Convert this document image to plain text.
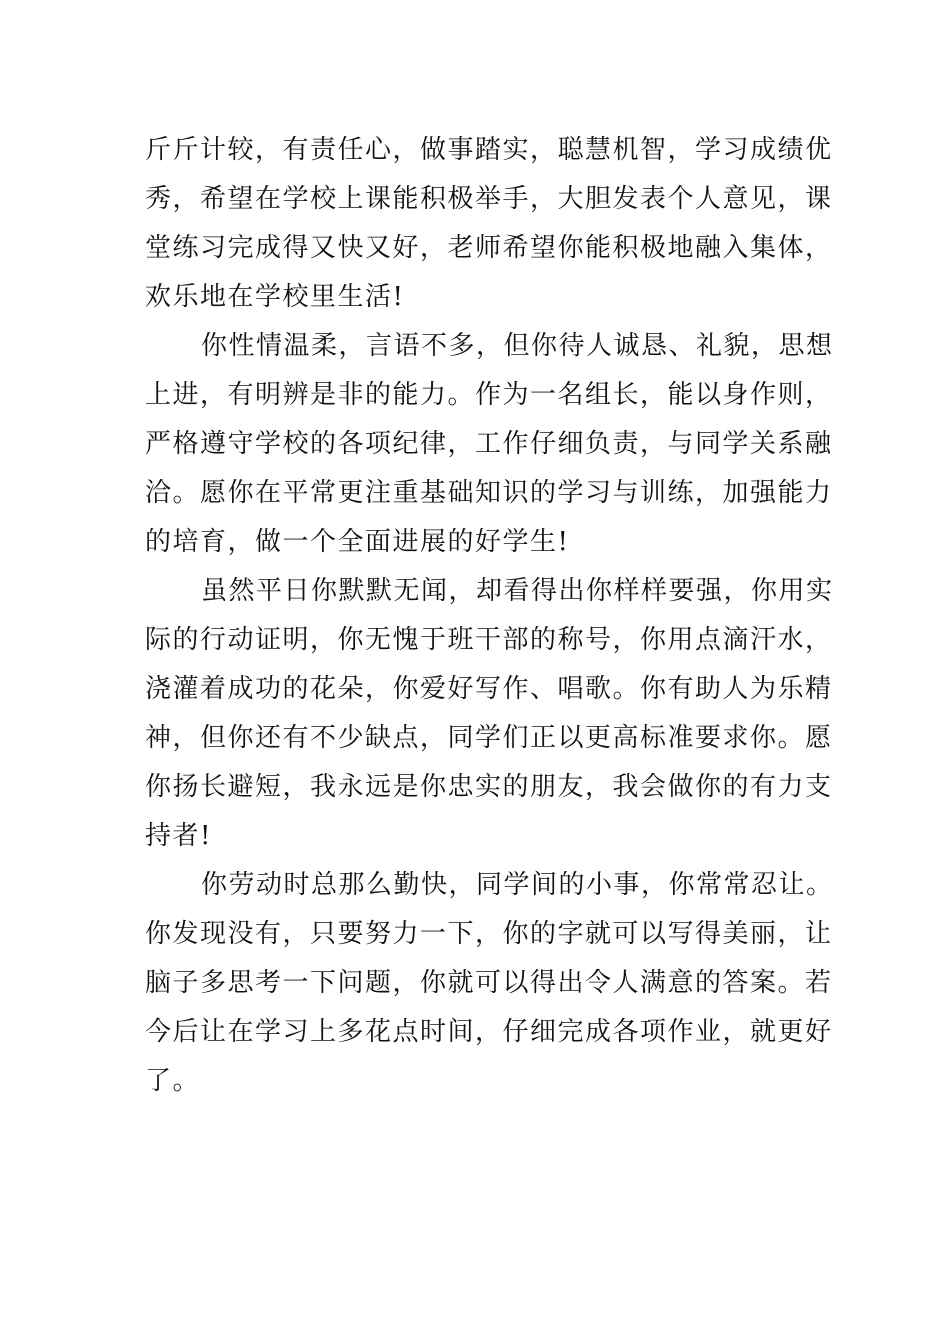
斤斤计较，有责任心，做事踏实，聪慧机智，学习成绩优
秀，希望在学校上课能积极举手，大胆发表个人意见，课
堂练习完成得又快又好，老师希望你能积极地融入集体，
欢乐地在学校里生活!

你性情温柔，言语不多，但你待人诚恳、礼貌，思想
上进，有明辨是非的能力。作为一名组长，能以身作则，
严格遵守学校的各项纪律，工作仔细负责，与同学关系融
洽。愿你在平常更注重基础知识的学习与训练，加强能力
的培育，做一个全面进展的好学生!

虽然平日你默默无闻，却看得出你样样要强，你用实
际的行动证明，你无愧于班干部的称号，你用点滴汗水，
浇灌着成功的花朵，你爱好写作、唱歌。你有助人为乐精
神，但你还有不少缺点，同学们正以更高标准要求你。愿
你扬长避短，我永远是你忠实的朋友，我会做你的有力支
持者!

你劳动时总那么勤快，同学间的小事，你常常忍让。
你发现没有，只要努力一下，你的字就可以写得美丽，让
脑子多思考一下问题，你就可以得出令人满意的答案。若
今后让在学习上多花点时间，仔细完成各项作业，就更好
了。
